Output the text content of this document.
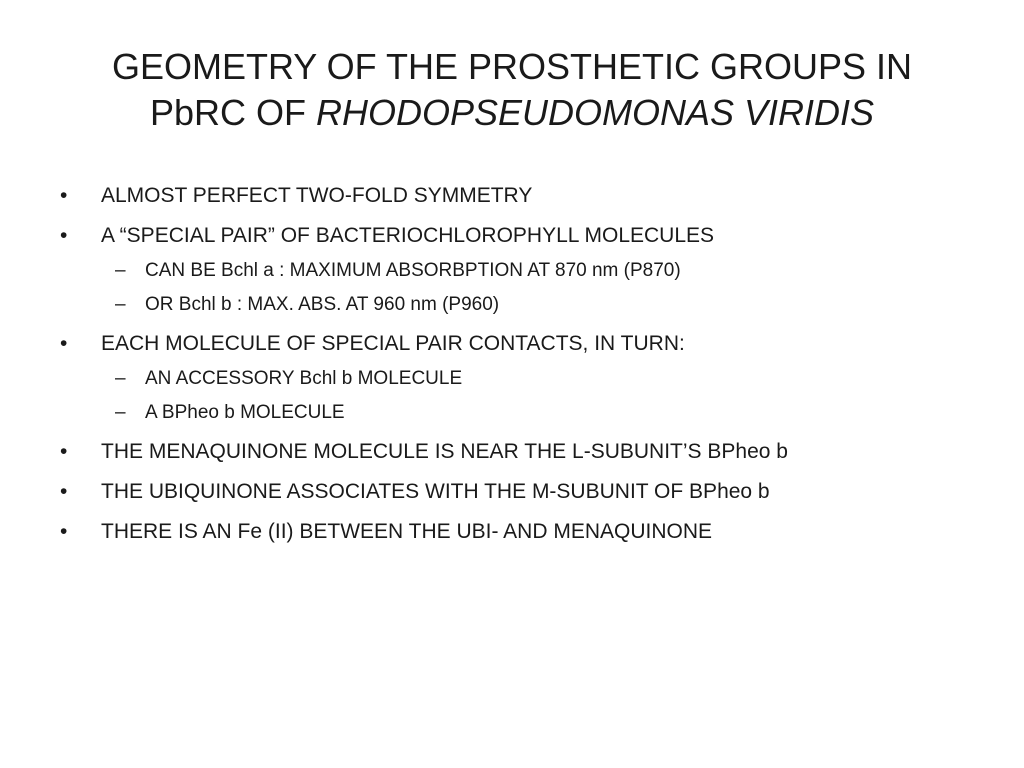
GEOMETRY OF THE PROSTHETIC GROUPS IN
PbRC OF RHODOPSEUDOMONAS VIRIDIS
•	ALMOST PERFECT TWO-FOLD SYMMETRY
•	A “SPECIAL PAIR” OF BACTERIOCHLOROPHYLL MOLECULES
– CAN BE Bchl a : MAXIMUM ABSORBPTION AT 870 nm (P870)
– OR Bchl b : MAX. ABS. AT 960 nm (P960)
•	EACH MOLECULE OF SPECIAL PAIR CONTACTS, IN TURN:
– AN ACCESSORY Bchl b MOLECULE
– A BPheo b MOLECULE
•	THE MENAQUINONE MOLECULE IS NEAR THE L-SUBUNIT’S BPheo b
•	THE UBIQUINONE ASSOCIATES WITH THE M-SUBUNIT OF BPheo b
•	THERE IS AN Fe (II) BETWEEN THE UBI- AND MENAQUINONE
